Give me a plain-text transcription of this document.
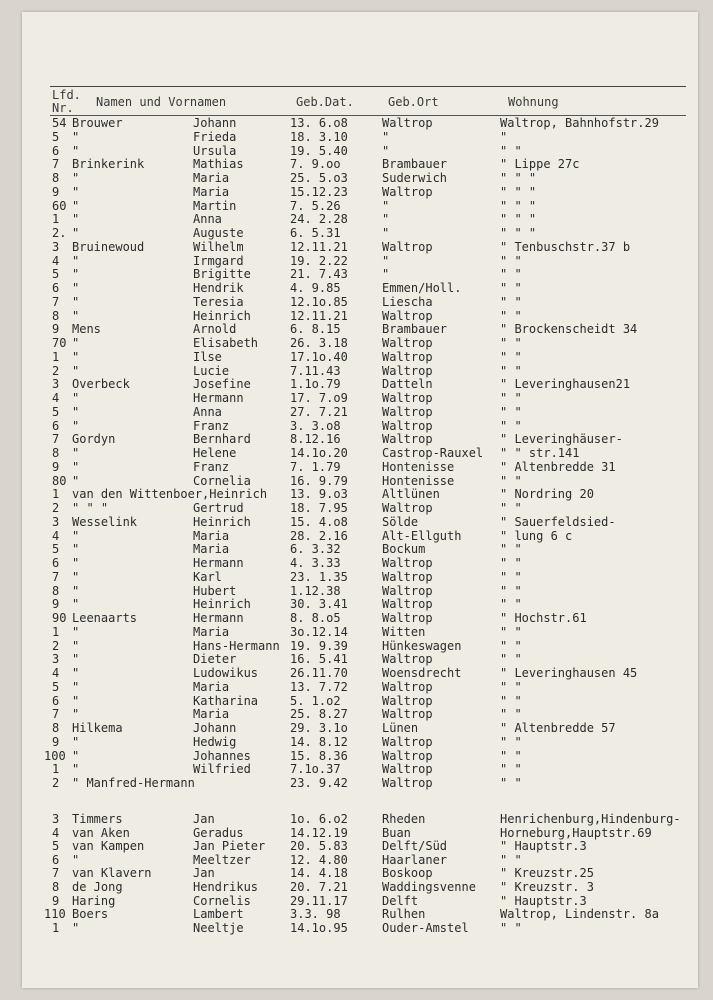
Lfd.
Nr. Namen und Vornamen	Geb.Dat.	Geb.Ort	Wohnung
54 Brouwer	Johann	13. 6.o8	Waltrop	Waltrop, Bahnhofstr.29
5 "	Frieda	18. 3.10	"	"
6 "	Ursula	19. 5.40	"	" "
7 Brinkerink	Mathias	7. 9.oo	Brambauer	" Lippe 27c
8 "	Maria	25. 5.o3	Suderwich	" " "
9 "	Maria	15.12.23	Waltrop	" " "
60 "	Martin	7. 5.26	"	" " "
1 "	Anna	24. 2.28	"	" " "
2. "	Auguste	6. 5.31	"	" " "
3 Bruinewoud	Wilhelm	12.11.21	Waltrop	" Tenbuschstr.37 b
4 "	Irmgard	19. 2.22	"	" "
5 "	Brigitte	21. 7.43	"	" "
6 "	Hendrik	4. 9.85	Emmen/Holl.	" "
7 "	Teresia	12.1o.85	Liescha	" "
8 "	Heinrich	12.11.21	Waltrop	" "
9 Mens	Arnold	6. 8.15	Brambauer	" Brockenscheidt 34
70 "	Elisabeth	26. 3.18	Waltrop	" "
1 "	Ilse	17.1o.40	Waltrop	" "
2 "	Lucie	7.11.43	Waltrop	" "
3 Overbeck	Josefine	1.1o.79	Datteln	" Leveringhausen21
4 "	Hermann	17. 7.o9	Waltrop	" "
5 "	Anna	27. 7.21	Waltrop	" "
6 "	Franz	3. 3.o8	Waltrop	" "
7 Gordyn	Bernhard	8.12.16	Waltrop	" Leveringhäuser-
8 "	Helene	14.1o.20	Castrop-Rauxel " " str.141
9 "	Franz	7. 1.79	Hontenisse	" Altenbredde 31
80 "	Cornelia	16. 9.79	Hontenisse	" "
1 van den Wittenboer,Heinrich 13. 9.o3	Altlünen	" Nordring 20
2 " " "	Gertrud	18. 7.95	Waltrop	" "
3 Wesselink	Heinrich	15. 4.o8	Sölde	" Sauerfeldsied-
4 "	Maria	28. 2.16	Alt-Ellguth	" lung 6 c
5 "	Maria	6. 3.32	Bockum	" "
6 "	Hermann	4. 3.33	Waltrop	" "
7 "	Karl	23. 1.35	Waltrop	" "
8 "	Hubert	1.12.38	Waltrop	" "
9 "	Heinrich	30. 3.41	Waltrop	" "
90 Leenaarts	Hermann	8. 8.o5	Waltrop	" Hochstr.61
1 "	Maria	3o.12.14	Witten	" "
2 "	Hans-Hermann 19. 9.39	Hünkeswagen	" "
3 "	Dieter	16. 5.41	Waltrop	" "
4 "	Ludowikus	26.11.70	Woensdrecht	" Leveringhausen 45
5 "	Maria	13. 7.72	Waltrop	" "
6 "	Katharina	5. 1.o2	Waltrop	" "
7 "	Maria	25. 8.27	Waltrop	" "
8 Hilkema	Johann	29. 3.1o	Lünen	" Altenbredde 57
9 "	Hedwig	14. 8.12	Waltrop	" "
100 "	Johannes	15. 8.36	Waltrop	" "
1 "	Wilfried	7.1o.37	Waltrop	" "
2 " Manfred-Hermann	23. 9.42	Waltrop	" "
3 Timmers	Jan	1o. 6.o2	Rheden	Henrichenburg,Hindenburg-
4 van Aken	Geradus	14.12.19	Buan	Horneburg,Hauptstr.69
5 van Kampen	Jan Pieter 20. 5.83	Delft/Süd	" Hauptstr.3
6 "	Meeltzer	12. 4.80	Haarlaner	" "
7 van Klavern	Jan	14. 4.18	Boskoop	" Kreuzstr.25
8 de Jong	Hendrikus	20. 7.21	Waddingsvenne " Kreuzstr. 3
9 Haring	Cornelis	29.11.17	Delft	" Hauptstr.3
110 Boers	Lambert	3.3. 98	Rulhen	Waltrop, Lindenstr. 8a
1 "	Neeltje	14.1o.95	Ouder-Amstel	" "
